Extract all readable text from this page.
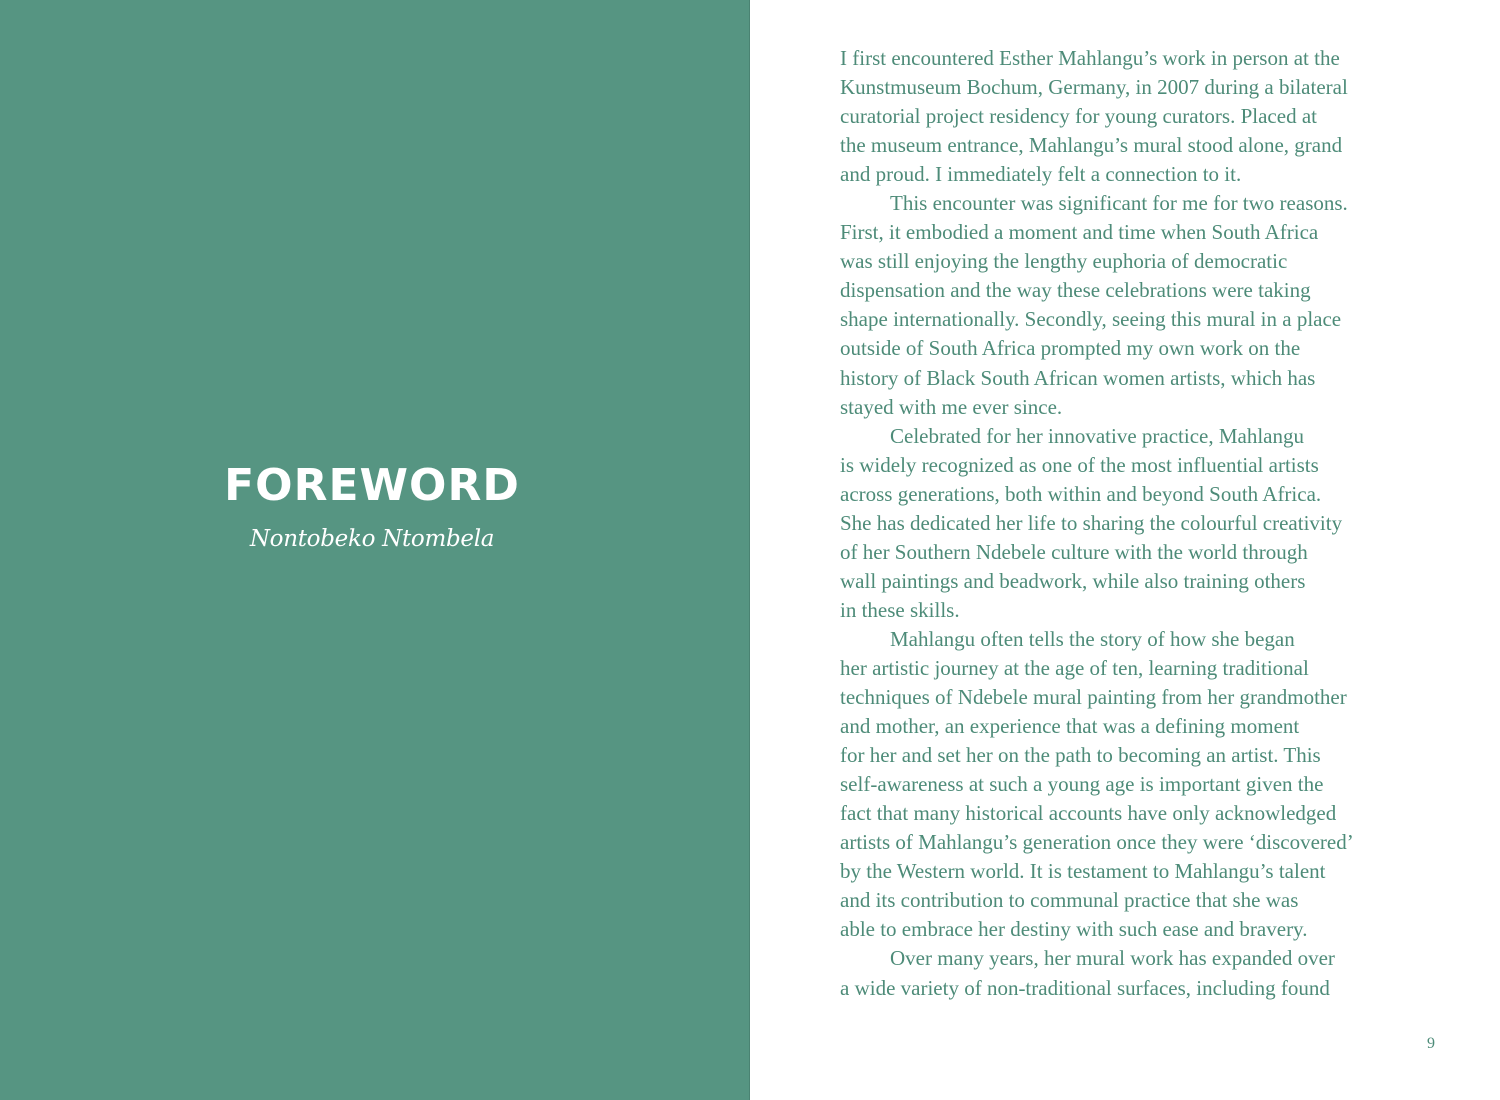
FOREWORD
Nontobeko Ntombela
I first encountered Esther Mahlangu’s work in person at the
Kunstmuseum Bochum, Germany, in 2007 during a bilateral
curatorial project residency for young curators. Placed at
the museum entrance, Mahlangu’s mural stood alone, grand
and proud. I immediately felt a connection to it.
This encounter was significant for me for two reasons.
First, it embodied a moment and time when South Africa
was still enjoying the lengthy euphoria of democratic
dispensation and the way these celebrations were taking
shape internationally. Secondly, seeing this mural in a place
outside of South Africa prompted my own work on the
history of Black South African women artists, which has
stayed with me ever since.
Celebrated for her innovative practice, Mahlangu
is widely recognized as one of the most influential artists
across generations, both within and beyond South Africa.
She has dedicated her life to sharing the colourful creativity
of her Southern Ndebele culture with the world through
wall paintings and beadwork, while also training others
in these skills.
Mahlangu often tells the story of how she began
her artistic journey at the age of ten, learning traditional
techniques of Ndebele mural painting from her grandmother
and mother, an experience that was a defining moment
for her and set her on the path to becoming an artist. This
self-awareness at such a young age is important given the
fact that many historical accounts have only acknowledged
artists of Mahlangu’s generation once they were ‘discovered’
by the Western world. It is testament to Mahlangu’s talent
and its contribution to communal practice that she was
able to embrace her destiny with such ease and bravery.
Over many years, her mural work has expanded over
a wide variety of non-traditional surfaces, including found
9
